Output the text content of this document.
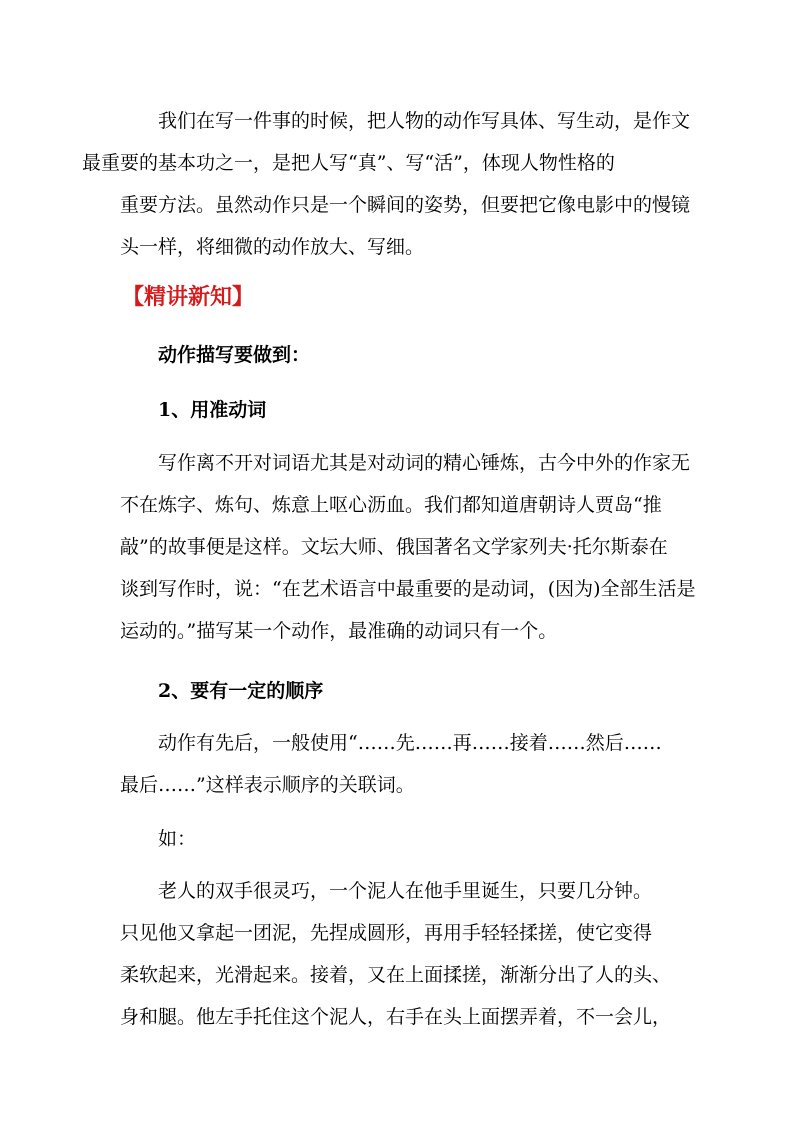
我们在写一件事的时候，把人物的动作写具体、写生动，是作文
最重要的基本功之一，是把人写“真”、写“活”，体现人物性格的
重要方法。虽然动作只是一个瞬间的姿势，但要把它像电影中的慢镜
头一样，将细微的动作放大、写细。
【精讲新知】

动作描写要做到：

1、用准动词

写作离不开对词语尤其是对动词的精心锤炼，古今中外的作家无
不在炼字、炼句、炼意上呕心沥血。我们都知道唐朝诗人贾岛“推
敲”的故事便是这样。文坛大师、俄国著名文学家列夫·托尔斯泰在
谈到写作时，说：“在艺术语言中最重要的是动词，(因为)全部生活是
运动的。”描写某一个动作，最准确的动词只有一个。

2、要有一定的顺序

动作有先后，一般使用“……先……再……接着……然后……
最后……”这样表示顺序的关联词。
如：
老人的双手很灵巧，一个泥人在他手里诞生，只要几分钟。
只见他又拿起一团泥，先捏成圆形，再用手轻轻揉搓，使它变得
柔软起来，光滑起来。接着，又在上面揉搓，渐渐分出了人的头、
身和腿。他左手托住这个泥人，右手在头上面摆弄着，不一会儿，
